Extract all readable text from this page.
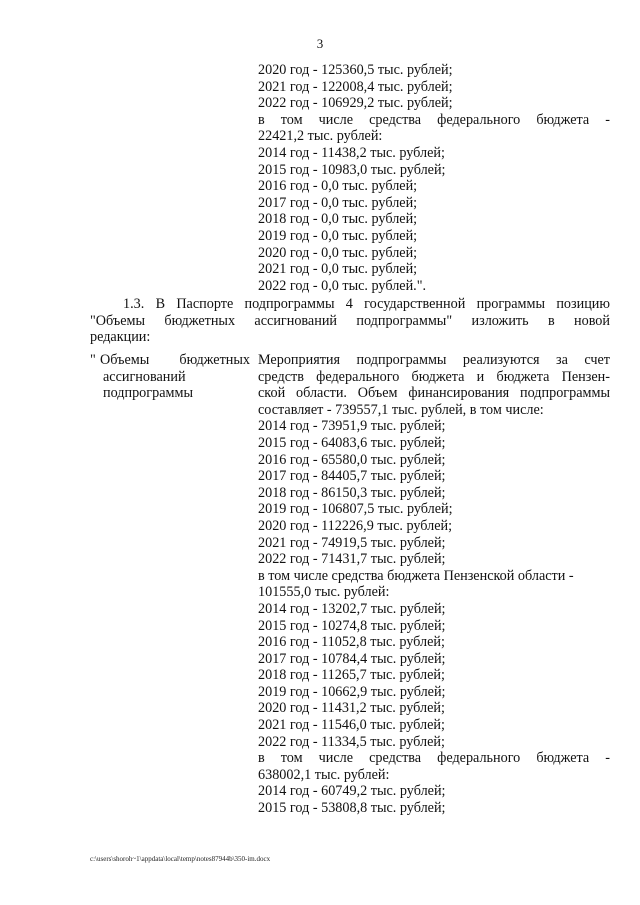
3
2020 год - 125360,5 тыс. рублей;
2021 год - 122008,4 тыс. рублей;
2022 год - 106929,2 тыс. рублей;
в том числе средства федерального бюджета -
22421,2 тыс. рублей:
2014 год - 11438,2 тыс. рублей;
2015 год - 10983,0 тыс. рублей;
2016 год - 0,0 тыс. рублей;
2017 год - 0,0 тыс. рублей;
2018 год - 0,0 тыс. рублей;
2019 год - 0,0 тыс. рублей;
2020 год - 0,0 тыс. рублей;
2021 год - 0,0 тыс. рублей;
2022 год - 0,0 тыс. рублей.".
1.3. В Паспорте подпрограммы 4 государственной программы позицию
"Объемы бюджетных ассигнований подпрограммы" изложить в новой
редакции:
" Объемы бюджетных
ассигнований
подпрограммы
Мероприятия подпрограммы реализуются за счет
средств федерального бюджета и бюджета Пензен-
ской области. Объем финансирования подпрограммы
составляет - 739557,1 тыс. рублей, в том числе:
2014 год - 73951,9 тыс. рублей;
2015 год - 64083,6 тыс. рублей;
2016 год - 65580,0 тыс. рублей;
2017 год - 84405,7 тыс. рублей;
2018 год - 86150,3 тыс. рублей;
2019 год - 106807,5 тыс. рублей;
2020 год - 112226,9 тыс. рублей;
2021 год - 74919,5 тыс. рублей;
2022 год - 71431,7 тыс. рублей;
в том числе средства бюджета Пензенской области -
101555,0 тыс. рублей:
2014 год - 13202,7 тыс. рублей;
2015 год - 10274,8 тыс. рублей;
2016 год - 11052,8 тыс. рублей;
2017 год - 10784,4 тыс. рублей;
2018 год - 11265,7 тыс. рублей;
2019 год - 10662,9 тыс. рублей;
2020 год - 11431,2 тыс. рублей;
2021 год - 11546,0 тыс. рублей;
2022 год - 11334,5 тыс. рублей;
в том числе средства федерального бюджета -
638002,1 тыс. рублей:
2014 год - 60749,2 тыс. рублей;
2015 год - 53808,8 тыс. рублей;
c:\users\shoroh~1\appdata\local\temp\notes87944b\350-im.docx
